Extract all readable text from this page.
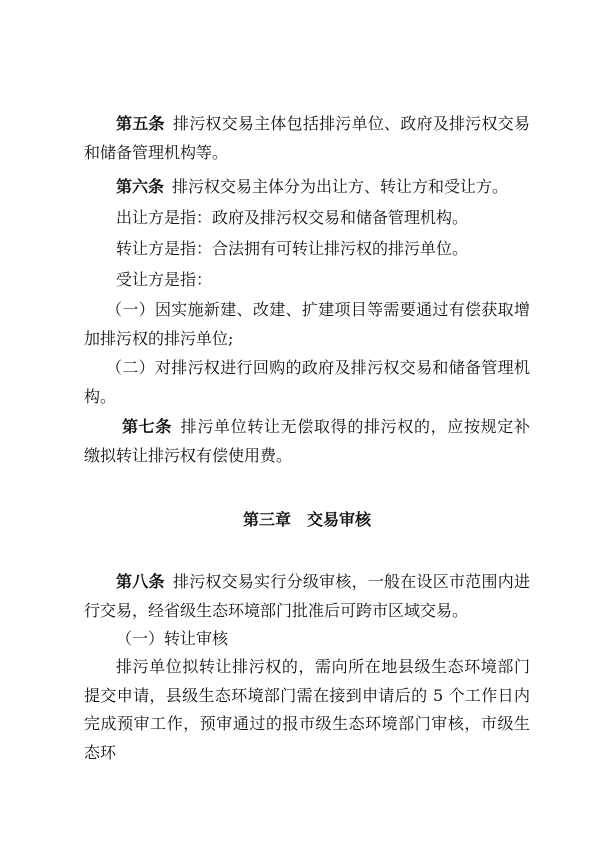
第五条  排污权交易主体包括排污单位、政府及排污权交易和储备管理机构等。

第六条  排污权交易主体分为出让方、转让方和受让方。

出让方是指：政府及排污权交易和储备管理机构。

转让方是指：合法拥有可转让排污权的排污单位。

受让方是指：

（一）因实施新建、改建、扩建项目等需要通过有偿获取增加排污权的排污单位;

（二）对排污权进行回购的政府及排污权交易和储备管理机构。

第七条  排污单位转让无偿取得的排污权的，应按规定补缴拟转让排污权有偿使用费。

第三章　交易审核

第八条  排污权交易实行分级审核，一般在设区市范围内进行交易，经省级生态环境部门批准后可跨市区域交易。

（一）转让审核

排污单位拟转让排污权的，需向所在地县级生态环境部门提交申请，县级生态环境部门需在接到申请后的 5 个工作日内完成预审工作，预审通过的报市级生态环境部门审核，市级生态环
